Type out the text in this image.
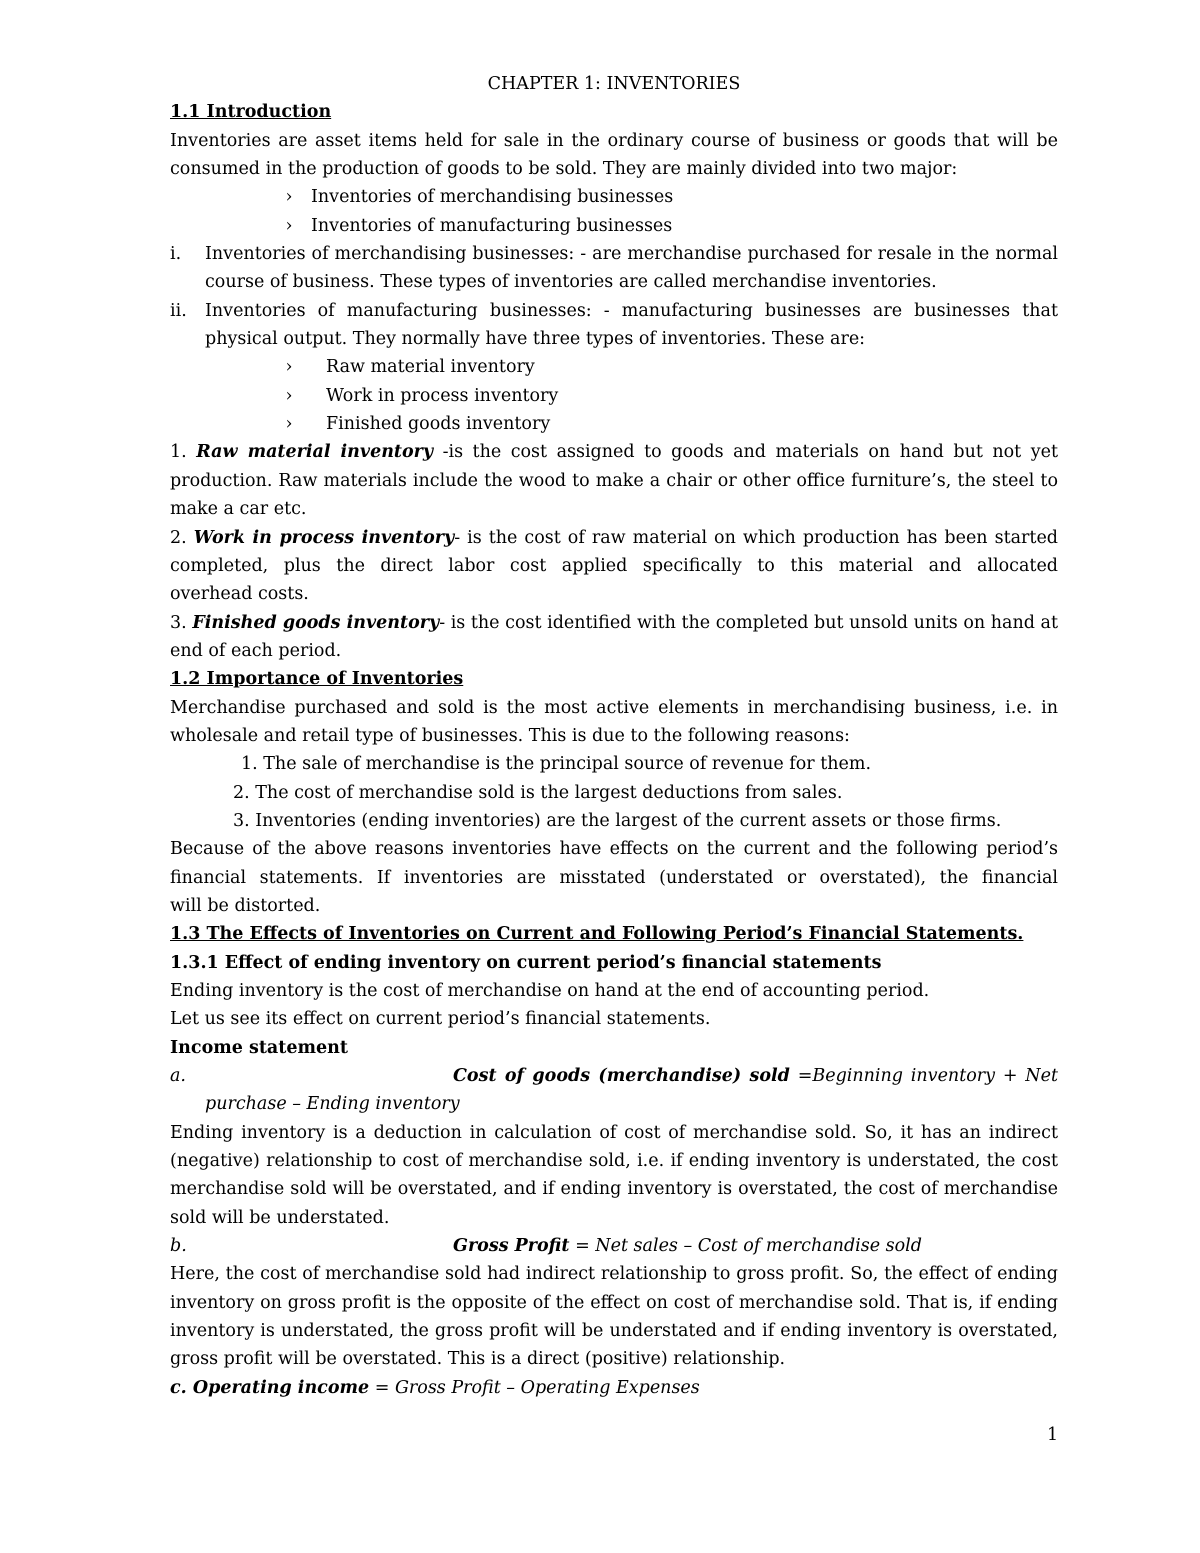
CHAPTER 1: INVENTORIES
1.1 Introduction
Inventories are asset items held for sale in the ordinary course of business or goods that will be
consumed in the production of goods to be sold. They are mainly divided into two major:
› Inventories of merchandising businesses
› Inventories of manufacturing businesses
i. Inventories of merchandising businesses: - are merchandise purchased for resale in the normal
course of business. These types of inventories are called merchandise inventories.
ii. Inventories of manufacturing businesses: - manufacturing businesses are businesses that
physical output. They normally have three types of inventories. These are:
› Raw material inventory
› Work in process inventory
› Finished goods inventory
1. Raw material inventory -is the cost assigned to goods and materials on hand but not yet
production. Raw materials include the wood to make a chair or other office furniture’s, the steel to
make a car etc.
2. Work in process inventory- is the cost of raw material on which production has been started
completed, plus the direct labor cost applied specifically to this material and allocated
overhead costs.
3. Finished goods inventory- is the cost identified with the completed but unsold units on hand at
end of each period.
1.2 Importance of Inventories
Merchandise purchased and sold is the most active elements in merchandising business, i.e. in
wholesale and retail type of businesses. This is due to the following reasons:
1. The sale of merchandise is the principal source of revenue for them.
2. The cost of merchandise sold is the largest deductions from sales.
3. Inventories (ending inventories) are the largest of the current assets or those firms.
Because of the above reasons inventories have effects on the current and the following period’s
financial statements. If inventories are misstated (understated or overstated), the financial
will be distorted.
1.3 The Effects of Inventories on Current and Following Period’s Financial Statements.
1.3.1 Effect of ending inventory on current period’s financial statements
Ending inventory is the cost of merchandise on hand at the end of accounting period.
Let us see its effect on current period’s financial statements.
Income statement
a.	Cost of goods (merchandise) sold =Beginning inventory + Net
purchase – Ending inventory
Ending inventory is a deduction in calculation of cost of merchandise sold. So, it has an indirect
(negative) relationship to cost of merchandise sold, i.e. if ending inventory is understated, the cost
merchandise sold will be overstated, and if ending inventory is overstated, the cost of merchandise
sold will be understated.
b.	Gross Profit = Net sales – Cost of merchandise sold
Here, the cost of merchandise sold had indirect relationship to gross profit. So, the effect of ending
inventory on gross profit is the opposite of the effect on cost of merchandise sold. That is, if ending
inventory is understated, the gross profit will be understated and if ending inventory is overstated,
gross profit will be overstated. This is a direct (positive) relationship.
c. Operating income = Gross Profit – Operating Expenses
1
